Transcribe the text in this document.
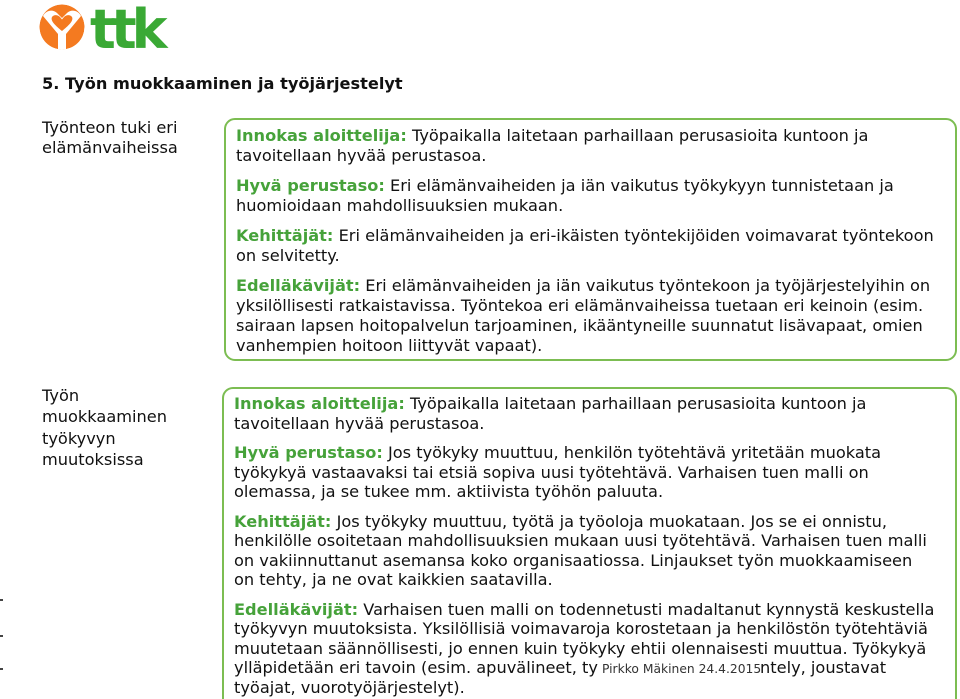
ttk
5. Työn muokkaaminen ja työjärjestelyt
Työnteon tuki eri elämänvaiheissa
Innokas aloittelija: Työpaikalla laitetaan parhaillaan perusasioita kuntoon ja
tavoitellaan hyvää perustasoa.
Hyvä perustaso: Eri elämänvaiheiden ja iän vaikutus työkykyyn tunnistetaan ja
huomioidaan mahdollisuuksien mukaan.
Kehittäjät: Eri elämänvaiheiden ja eri-ikäisten työntekijöiden voimavarat työntekoon
on selvitetty.
Edelläkävijät: Eri elämänvaiheiden ja iän vaikutus työntekoon ja työjärjestelyihin on
yksilöllisesti ratkaistavissa. Työntekoa eri elämänvaiheissa tuetaan eri keinoin (esim.
sairaan lapsen hoitopalvelun tarjoaminen, ikääntyneille suunnatut lisävapaat, omien
vanhempien hoitoon liittyvät vapaat).
Työn muokkaaminen työkyvyn muutoksissa
Innokas aloittelija: Työpaikalla laitetaan parhaillaan perusasioita kuntoon ja
tavoitellaan hyvää perustasoa.
Hyvä perustaso: Jos työkyky muuttuu, henkilön työtehtävä yritetään muokata
työkykyä vastaavaksi tai etsiä sopiva uusi työtehtävä. Varhaisen tuen malli on
olemassa, ja se tukee mm. aktiivista työhön paluuta.
Kehittäjät: Jos työkyky muuttuu, työtä ja työoloja muokataan. Jos se ei onnistu,
henkilölle osoitetaan mahdollisuuksien mukaan uusi työtehtävä. Varhaisen tuen malli
on vakiinnuttanut asemansa koko organisaatiossa. Linjaukset työn muokkaamiseen
on tehty, ja ne ovat kaikkien saatavilla.
Edelläkävijät: Varhaisen tuen malli on todennetusti madaltanut kynnystä keskustella
työkyvyn muutoksista. Yksilöllisiä voimavaroja korostetaan ja henkilöstön työtehtäviä
muutetaan säännöllisesti, jo ennen kuin työkyky ehtii olennaisesti muuttua. Työkykyä
ylläpidetään eri tavoin (esim. apuvälineet, ty	ntely, joustavat
työajat, vuorotyöjärjestelyt).
Pirkko Mäkinen 24.4.2015
